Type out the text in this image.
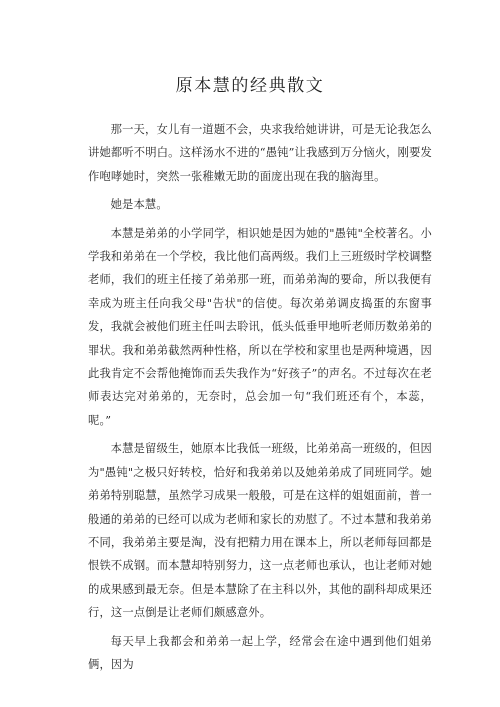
原本慧的经典散文

那一天，女儿有一道题不会，央求我给她讲讲，可是无论我怎么讲她都听不明白。这样汤水不进的“愚钝”让我感到万分恼火，刚要发作咆哮她时，突然一张稚嫩无助的面庞出现在我的脑海里。

她是本慧。

本慧是弟弟的小学同学，相识她是因为她的"愚钝"全校著名。小学我和弟弟在一个学校，我比他们高两级。我们上三班级时学校调整老师，我们的班主任接了弟弟那一班，而弟弟淘的要命，所以我便有幸成为班主任向我父母"告状"的信使。每次弟弟调皮捣蛋的东窗事发，我就会被他们班主任叫去聆讯，低头低垂甲地听老师历数弟弟的罪状。我和弟弟截然两种性格，所以在学校和家里也是两种境遇，因此我肯定不会帮他掩饰而丢失我作为“好孩子”的声名。不过每次在老师表达完对弟弟的，无奈时，总会加一句“我们班还有个，本蕊，呢。”

本慧是留级生，她原本比我低一班级，比弟弟高一班级的，但因为"愚钝"之极只好转校，恰好和我弟弟以及她弟弟成了同班同学。她弟弟特别聪慧，虽然学习成果一般般，可是在这样的姐姐面前，普一般通的弟弟的已经可以成为老师和家长的劝慰了。不过本慧和我弟弟不同，我弟弟主要是淘，没有把精力用在课本上，所以老师每回都是恨铁不成钢。而本慧却特别努力，这一点老师也承认，也让老师对她的成果感到最无奈。但是本慧除了在主科以外，其他的副科却成果还行，这一点倒是让老师们颇感意外。

每天早上我都会和弟弟一起上学，经常会在途中遇到他们姐弟俩，因为
